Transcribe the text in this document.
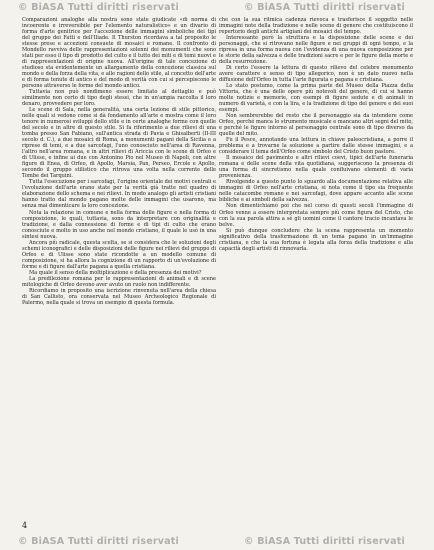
© BiASA Tutti diritti riservati	© BiASA Tutti diritti riservati

Comparazioni analoghe alla nostra sono state giudicate «di norma di incoerente e irreversibile per l'elemento naturalistico» e un divario di forma d'arte genitrice per l'accezione delle immagini simboliche dei tipi del gruppo dei Fatti e dell'Iliade. Il Thurston ricordava a tal proposito le stesse prese e accezioni consuete di mosaici e romane. Il confronto di Mondello ravviva delle rappresentazioni solenni dei monumenti che sono stati per esso il tipo di prodotto del culto e il tutto dei miti e di temi nuovi e di rappresentazioni di origine nuova. All'origine di tale concezione di studioso sta evidentemente un allargamento della concezione classica sul mondo e della forza della vita, e alle ragioni dello stile, al concetto dell'arte e di forma tenute di antico e del modo di verità con cui si percepiscono le persone attraverso le forme del mondo antico.

Tuttavia non può nondimeno essere limitato al dettaglio e può similmente non certo di tipo degli stessi, che in un'ampia raccolta il loro denaro, provvedere per loro.

Le scene di Sala, nella generalità, una certa lezione di stile pittorico, nelle quali si vedono come si dà fondamento all'arte e mostra come il loro tenore in numerosi sviluppi dello stile e in certe analoghe forme con quelle del secolo e in altre di questo stile. Si fa riferimento a due rilievi di una tomba presso San Fabiano, sull'antica strada di Pavia e Ghisalberti (II-III secolo d. C.), a due mosaici di Roma, a monumenti pagani della Sicilia e a riprese di temi, e a due sarcofagi, l'uno conosciuto nell'area di Ravenna, l'altro nell'area romana, e in altri rilievi di Ariccia con le scene di Orfeo e di Ulisse, e infine ai due con Antonino Pio nel Museo di Napoli, con altre figure di Enea, di Orfeo, di Apollo, Marsia, Pan, Perseo, Ercole e Apollo, secondo il gruppo stilistico che ritrova una volta nella corrente delle Tombe dei Tarquini.

Tutta l'esecuzione per i sarcofagi, l'origine orientale dei motivi centrali e l'evoluzione dell'arte erano state per la verità già tratte nel quadro di elaborazione dello schema e nei rilievi. In modo analogo gli artisti cristiani hanno tratto dal mondo pagano molte delle immagini che usarono, ma senza mai dimenticare la loro concezione.

Nota la relazione in comune e nella forma delle figure e nella forma di composizione, le quali, tuttavia, sono da interpretare con originalità e tradizione, e dalla connessione di forme e di tipi di culto che erano conosciute e molto in uso anche nel mondo cristiano, il quale le usò in una sintesi nuova.

Ancora più radicale, questa scelta, se si considera che le soluzioni degli schemi iconografici e delle disposizioni delle figure nei rilievi del gruppo di Orfeo e di Ulisse sono state ricondotte a un modello comune di composizione, si ha allora la cognizione di un rapporto di un'evoluzione di forme e di figure dall'arte pagana a quella cristiana.

Ma quale il senso della moltiplicazione e della presenza dei motivi?

La predilezione romana per le rappresentazioni di animali e di scene mitologiche di Orfeo devono aver avuto un ruolo non indifferente.

Ricordiamo in proposito una iscrizione rinvenuta nell'area della chiesa di San Callisto, ora conservata nel Museo Archeologico Regionale di Palermo, nella quale si trova un esempio di questa formula.

che con la sua ritmica cadenza rievoca e trasferisce il soggetto nelle immagini note della tradizione e nelle scene di genere che costituiscono il repertorio degli antichi artigiani dei mosaici del tempo.

Interessante però la struttura e la disposizione delle scene e dei personaggi, che si ritrovano nelle figure e nei gruppi di ogni tempo, e la ripresa in una forma nuova con l'evidenza di una nuova composizione per le storie della salvezza e delle tradizioni sacre e per le figure della morte e della resurrezione.

Di certo l'essere la lettura di questo rilievo del celebre monumento avere carattere e senso di tipo allegorico, non è un dato nuovo nella diffusione dell'Orfeo in tutta l'arte figurata e pagana e cristiana.

Lo stato postumo, come la prima parte del Museo della Piazza della Vittoria, che è una delle opere più notevoli del genere, di cui si hanno molte notizie e memorie, con esempi di figure sedute e di animali in numero di varietà, e con la lira, e la tradizione di tipo del genere e dei suoi esempi.

Non sembrerebbe del resto che il personaggio sia da intendere come Orfeo, perché manca lo strumento musicale e mancano altri segni del mito, e perché le figure intorno al personaggio centrale sono di tipo diverso da quelle del mito.

Fu il Pesce, annotando una lettura in chiave paleocristiana, a porre il problema e a trovarne la soluzione a partire dalle stesse immagini, e a considerare il tema dell'Orfeo come simbolo del Cristo buon pastore.

Il mosaico del pavimento e altri rilievi coevi, tipici dell'arte funeraria romana e delle scene della vita quotidiana, suggeriscono la presenza di una forma di sincretismo nella quale confluivano elementi di varia provenienza.

Rivolgendo a questo punto lo sguardo alla documentazione relativa alle immagini di Orfeo nell'arte cristiana, si nota come il tipo sia frequente nelle catacombe romane e nei sarcofagi, dove appare accanto alle scene bibliche e ai simboli della salvezza.

Non dimentichiamo poi che nel corso di questi secoli l'immagine di Orfeo venne a essere interpretata sempre più come figura del Cristo, che con la sua parola attira a sé gli uomini come il cantore tracio incantava le belve.

Si può dunque concludere che la scena rappresenta un momento significativo della trasformazione di un tema pagano in un'immagine cristiana, e che la sua fortuna è legata alla forza della tradizione e alla capacità degli artisti di rinnovarla.

4
© BiASA Tutti diritti riservati	© BiASA Tutti diritti riservati
